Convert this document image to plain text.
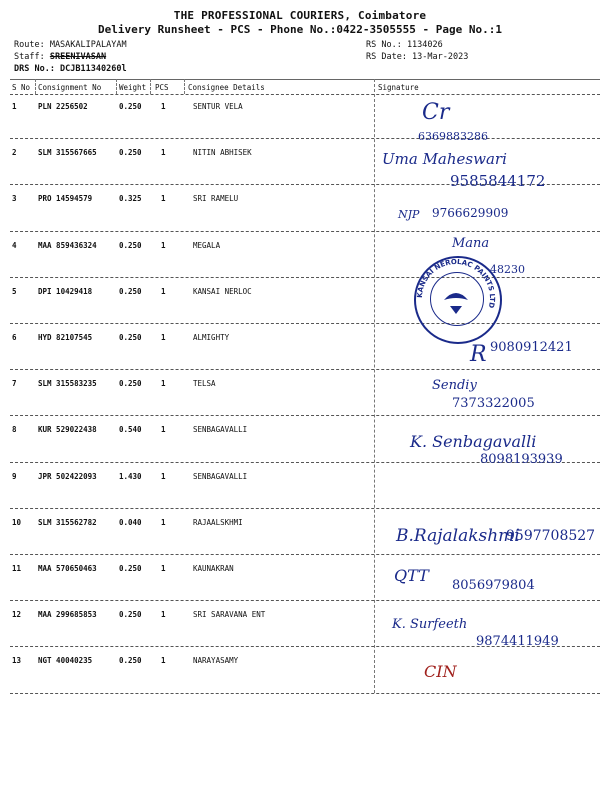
THE PROFESSIONAL COURIERS, Coimbatore
Delivery Runsheet - PCS - Phone No.:0422-3505555 - Page No.:1
Route: MASAKALIPALAYAM
Staff: SREENIVASAN
DRS No.: DCJB11340260l
RS No.: 1134026
RS Date: 13-Mar-2023
S No Consignment No Weight PCS	Consignee Details	Signature
1	PLN 2256502	0.250	1	SENTUR VELA	Cr
6369883286
2	SLM 315567665	0.250	1	NITIN ABHISEK	Uma Maheswari
9585844172
3	PRO 14594579	0.325	1	SRI RAMELU
NJP 9766629909
4	MAA 859436324	0.250	1	MEGALA	Mana
48230
5	DPI 10429418	0.250	1	KANSAI NERLOC
6	HYD 82107545	0.250	1	ALMIGHTY
R 9080912421
7	SLM 315583235	0.250	1	TELSA	Sendiy
7373322005
8	KUR 529022438	0.540	1	SENBAGAVALLI
K. Senbagavalli
8098193939
9	JPR 502422093	1.430	1	SENBAGAVALLI
10 SLM 315562782	0.040	1	RAJAALSKHMI
B.Rajalakshmi
9597708527
11 MAA 570650463	0.250	1	KAUNAKRAN	QTT
8056979804
12 MAA 299685853	0.250	1	SRI SARAVANA ENT
K. Surfeeth
9874411949
13 NGT 40040235	0.250	1	NARAYASAMY
CIN
KANSAI NEROLAC PAINTS LTD
